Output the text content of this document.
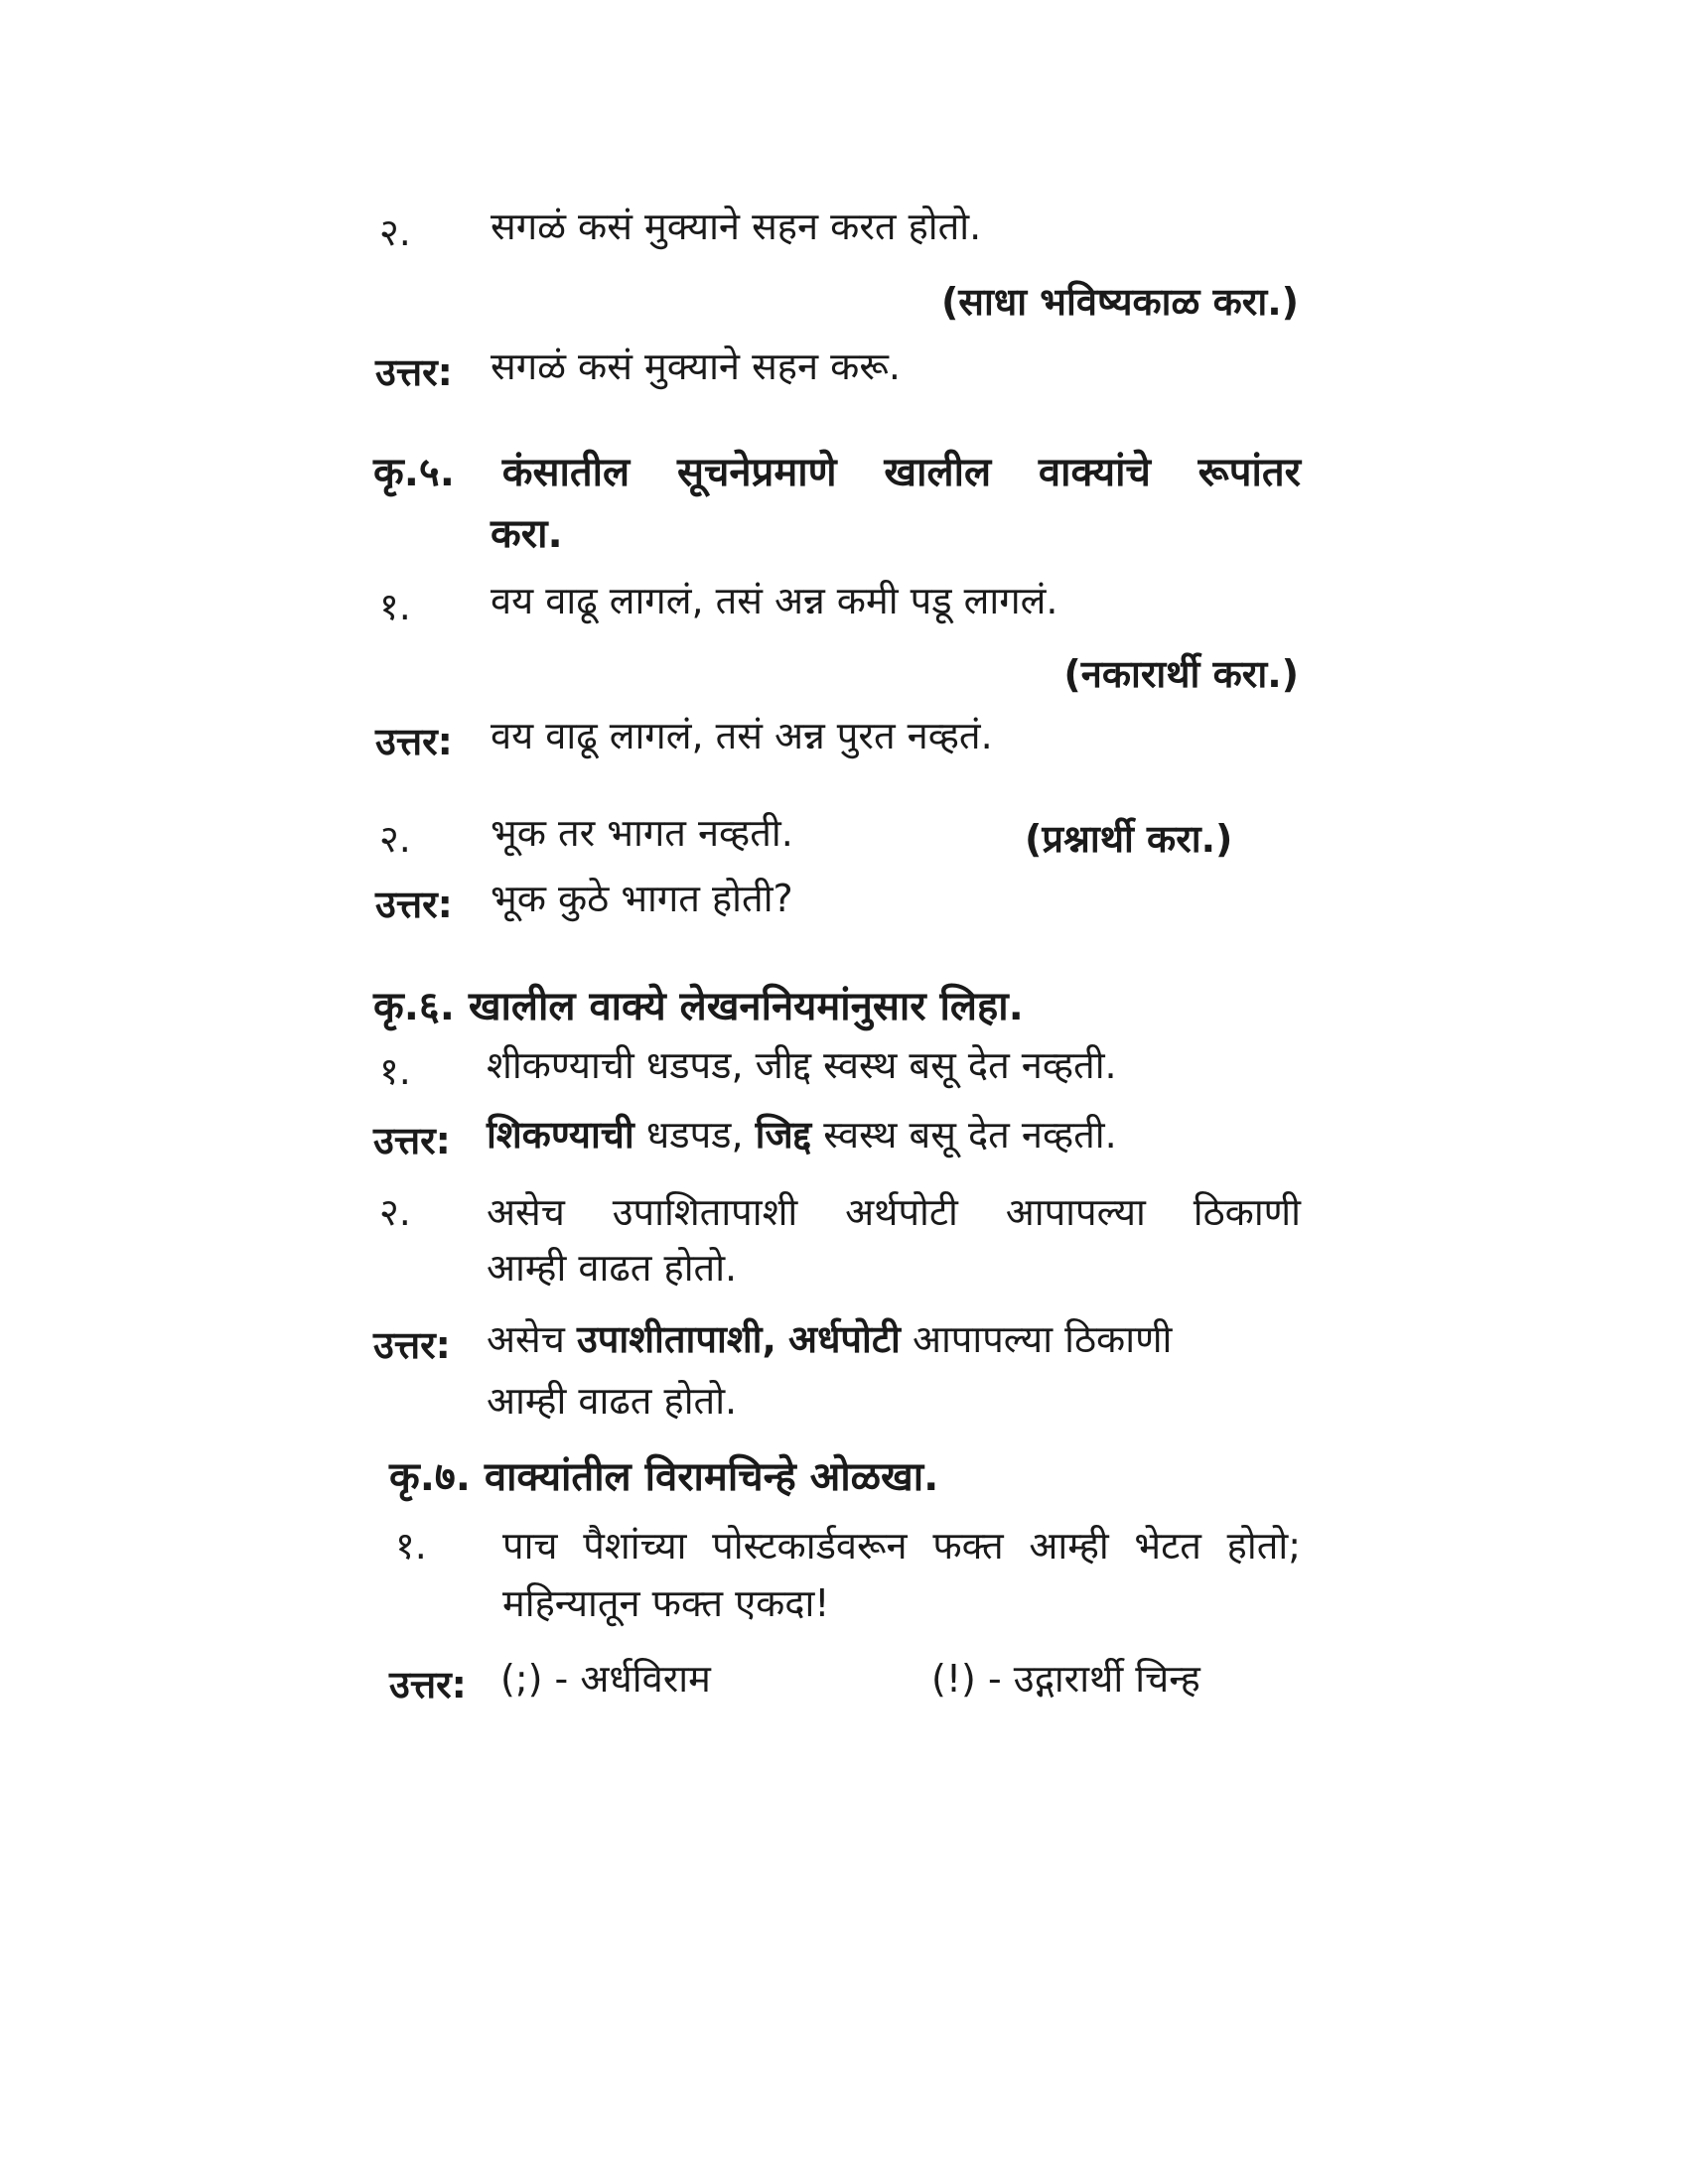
२. सगळं कसं मुक्याने सहन करत होतो.
(साधा भविष्यकाळ करा.)
उत्तर: सगळं कसं मुक्याने सहन करू.
कृ.५. कंसातील सूचनेप्रमाणे खालील वाक्यांचे रूपांतर
करा.
१. वय वाढू लागलं, तसं अन्न कमी पडू लागलं.
(नकारार्थी करा.)
उत्तर: वय वाढू लागलं, तसं अन्न पुरत नव्हतं.
२. भूक तर भागत नव्हती.	(प्रश्नार्थी करा.)
उत्तर: भूक कुठे भागत होती?
कृ.६. खालील वाक्ये लेखननियमांनुसार लिहा.
१. शीकण्याची धडपड, जीद्द स्वस्थ बसू देत नव्हती.
उत्तर: शिकण्याची धडपड, जिद्द स्वस्थ बसू देत नव्हती.
२. असेच उपाशितापाशी अर्थपोटी आपापल्या ठिकाणी
आम्ही वाढत होतो.
उत्तर: असेच उपाशीतापाशी, अर्धपोटी आपापल्या ठिकाणी
आम्ही वाढत होतो.
कृ.७. वाक्यांतील विरामचिन्हे ओळखा.
१. पाच पैशांच्या पोस्टकार्डवरून फक्त आम्ही भेटत होतो;
महिन्यातून फक्त एकदा!
उत्तर: (;) - अर्धविराम	(!) - उद्गारार्थी चिन्ह
